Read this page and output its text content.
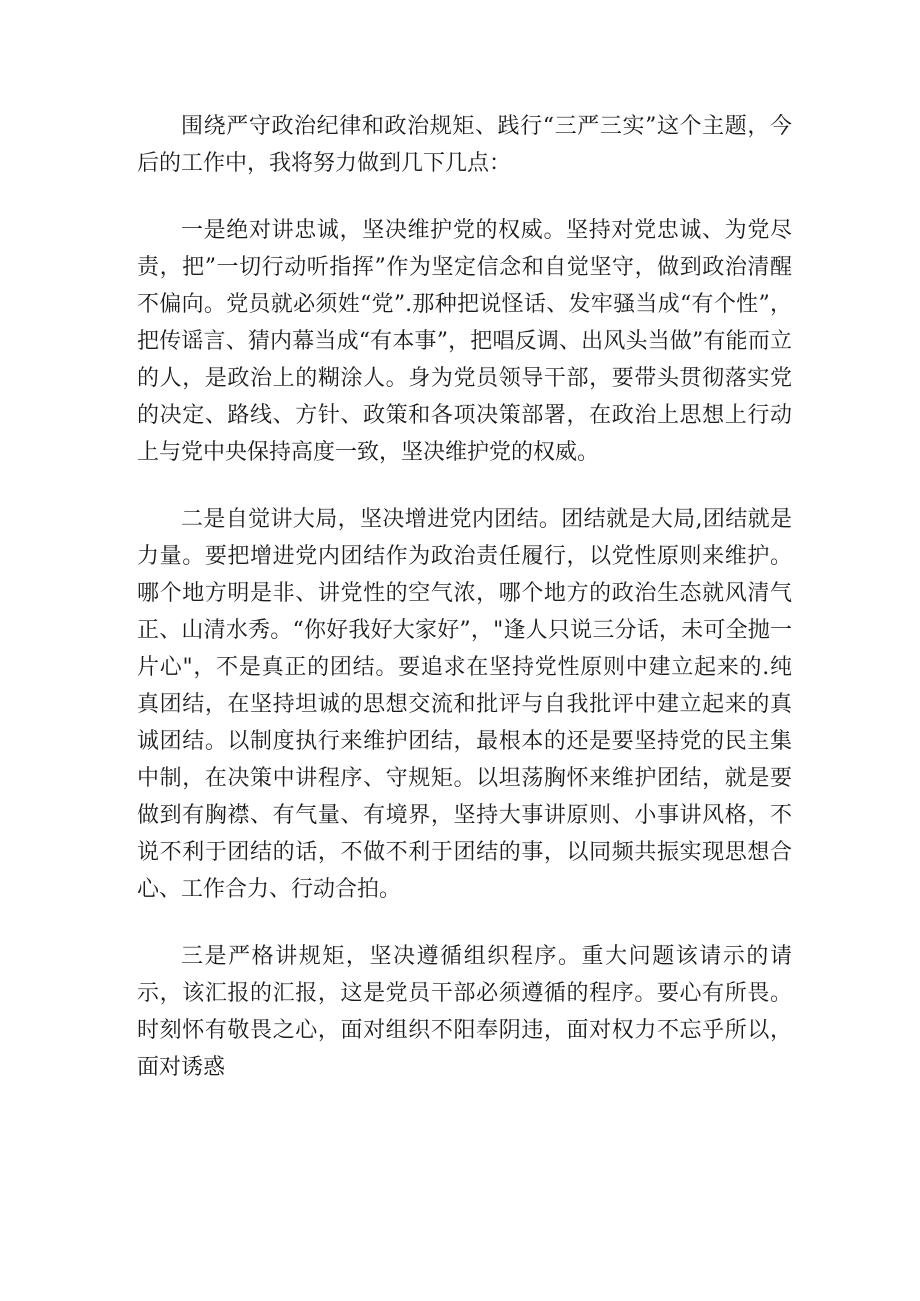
围绕严守政治纪律和政治规矩、践行“三严三实”这个主题，今后的工作中，我将努力做到几下几点：

一是绝对讲忠诚，坚决维护党的权威。坚持对党忠诚、为党尽责，把”一切行动听指挥”作为坚定信念和自觉坚守，做到政治清醒不偏向。党员就必须姓“党”.那种把说怪话、发牢骚当成“有个性”，把传谣言、猜内幕当成“有本事”，把唱反调、出风头当做”有能而立的人，是政治上的糊涂人。身为党员领导干部，要带头贯彻落实党的决定、路线、方针、政策和各项决策部署，在政治上思想上行动上与党中央保持高度一致，坚决维护党的权威。

二是自觉讲大局，坚决增进党内团结。团结就是大局,团结就是力量。要把增进党内团结作为政治责任履行，以党性原则来维护。哪个地方明是非、讲党性的空气浓，哪个地方的政治生态就风清气正、山清水秀。“你好我好大家好”，"逢人只说三分话，未可全抛一片心"，不是真正的团结。要追求在坚持党性原则中建立起来的.纯真团结，在坚持坦诚的思想交流和批评与自我批评中建立起来的真诚团结。以制度执行来维护团结，最根本的还是要坚持党的民主集中制，在决策中讲程序、守规矩。以坦荡胸怀来维护团结，就是要做到有胸襟、有气量、有境界，坚持大事讲原则、小事讲风格，不说不利于团结的话，不做不利于团结的事，以同频共振实现思想合心、工作合力、行动合拍。

三是严格讲规矩，坚决遵循组织程序。重大问题该请示的请示，该汇报的汇报，这是党员干部必须遵循的程序。要心有所畏。时刻怀有敬畏之心，面对组织不阳奉阴违，面对权力不忘乎所以，面对诱惑
